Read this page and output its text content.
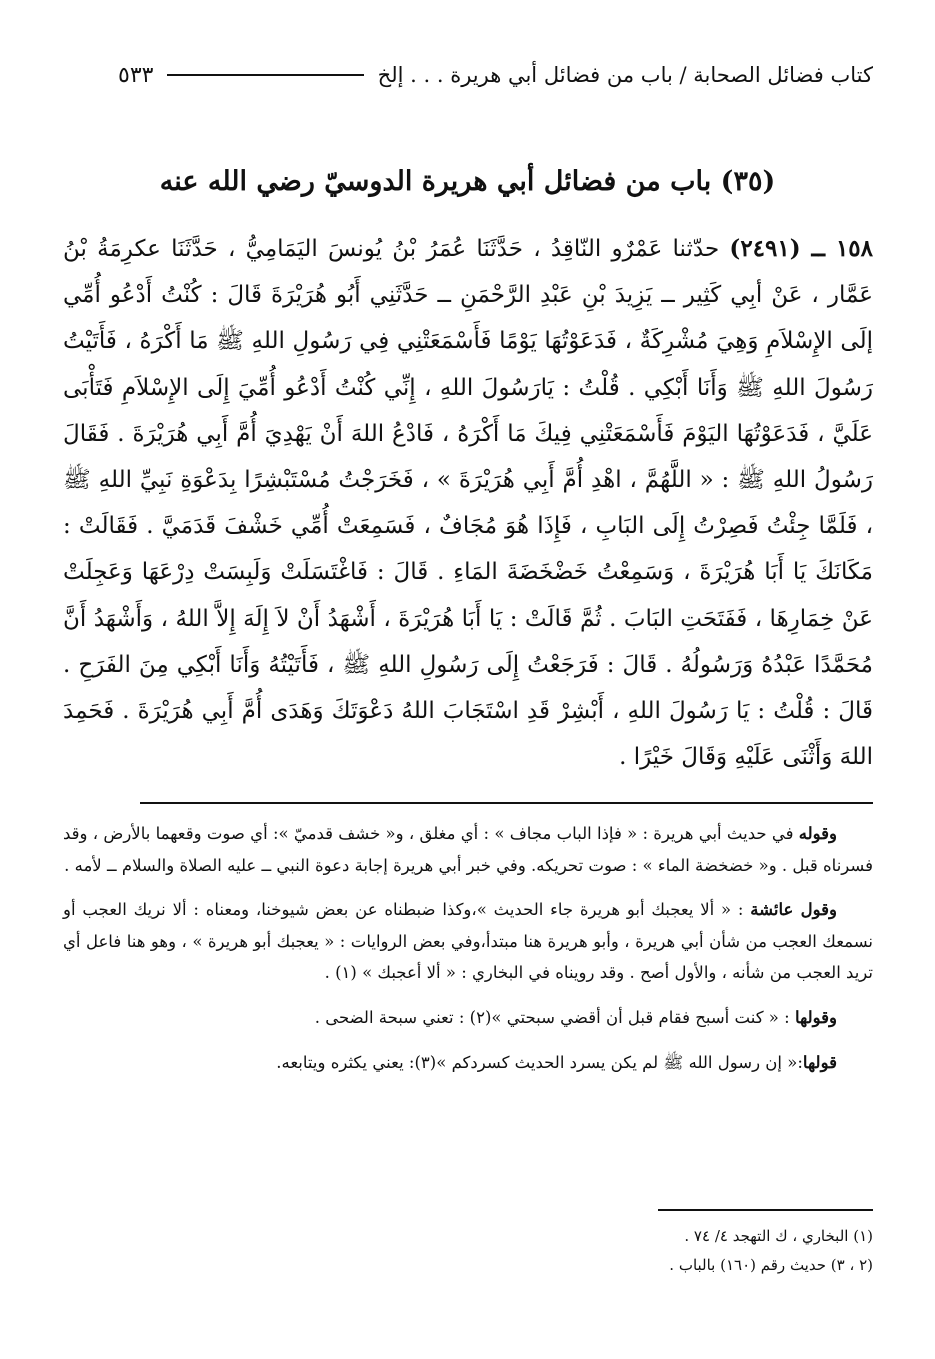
كتاب فضائل الصحابة / باب من فضائل أبي هريرة . . . إلخ
٥٣٣
(٣٥) باب من فضائل أبي هريرة الدوسيّ رضي الله عنه

١٥٨ ــ (٢٤٩١) حدّثنا عَمْرٌو النّاقِدُ ، حَدَّثَنَا عُمَرُ بْنُ يُونسَ اليَمَامِيُّ ، حَدَّثَنَا عكرِمَةُ بْنُ عَمَّار ، عَنْ أبِي كَثِير ــ يَزِيدَ بْنِ عَبْدِ الرَّحْمَنِ ــ حَدَّثَنِي أَبُو هُرَيْرَةَ قَالَ : كُنْتُ أَدْعُو أُمِّي إلَى الإِسْلاَمِ وَهِيَ مُشْرِكَةٌ ، فَدَعَوْتُهَا يَوْمًا فَأَسْمَعَتْنِي فِي رَسُولِ اللهِ ﷺ مَا أَكْرَهُ ، فَأَتَيْتُ رَسُولَ اللهِ ﷺ وَأَنَا أَبْكِي . قُلْتُ : يَارَسُولَ اللهِ ، إِنِّي كُنْتُ أَدْعُو أُمِّيَ إِلَى الإِسْلاَمِ فَتَأْبَى عَلَيَّ ، فَدَعَوْتُهَا اليَوْمَ فَأَسْمَعَتْنِي فِيكَ مَا أَكْرَهُ ، فَادْعُ اللهَ أَنْ يَهْدِيَ أُمَّ أَبِي هُرَيْرَةَ . فَقَالَ رَسُولُ اللهِ ﷺ : « اللَّهُمَّ ، اهْدِ أُمَّ أَبِي هُرَيْرَةَ » ، فَخَرَجْتُ مُسْتَبْشِرًا بِدَعْوَةِ نَبِيِّ اللهِ ﷺ ، فَلَمَّا جِئْتُ فَصِرْتُ إِلَى البَابِ ، فَإِذَا هُوَ مُجَافٌ ، فَسَمِعَتْ أُمِّي خَشْفَ قَدَمَيَّ . فَقَالَتْ : مَكَانَكَ يَا أَبَا هُرَيْرَةَ ، وَسَمِعْتُ خَضْخَضَةَ المَاءِ . قَالَ : فَاغْتَسَلَتْ وَلَبِسَتْ دِرْعَهَا وَعَجِلَتْ عَنْ خِمَارِهَا ، فَفَتَحَتِ البَابَ . ثُمَّ قَالَتْ : يَا أَبَا هُرَيْرَةَ ، أَشْهَدُ أَنْ لاَ إِلَهَ إِلاَّ اللهُ ، وَأَشْهَدُ أَنَّ مُحَمَّدًا عَبْدُهُ وَرَسُولُهُ . قَالَ : فَرَجَعْتُ إِلَى رَسُولِ اللهِ ﷺ ، فَأَتَيْتُهُ وَأَنَا أَبْكِي مِنَ الفَرَحِ . قَالَ : قُلْتُ : يَا رَسُولَ اللهِ ، أَبْشِرْ قَدِ اسْتَجَابَ اللهُ دَعْوَتَكَ وَهَدَى أُمَّ أَبِي هُرَيْرَةَ . فَحَمِدَ اللهَ وَأَثْنَى عَلَيْهِ وَقَالَ خَيْرًا .

وقوله في حديث أبي هريرة : « فإذا الباب مجاف » : أي مغلق ، و« خشف قدميّ »: أي صوت وقعهما بالأرض ، وقد فسرناه قبل . و« خضخضة الماء » : صوت تحريكه. وفي خبر أبي هريرة إجابة دعوة النبي ــ عليه الصلاة والسلام ــ لأمه .

وقول عائشة : « ألا يعجبك أبو هريرة جاء الحديث »،وكذا ضبطناه عن بعض شيوخنا، ومعناه : ألا نريك العجب أو نسمعك العجب من شأن أبي هريرة ، وأبو هريرة هنا مبتدأ،وفي بعض الروايات : « يعجبك أبو هريرة » ، وهو هنا فاعل أي تريد العجب من شأنه ، والأول أصح . وقد رويناه في البخاري : « ألا أعجبك » (١) .

وقولها : « كنت أسبح فقام قبل أن أقضي سبحتي »(٢) : تعني سبحة الضحى .

قولها:« إن رسول الله ﷺ لم يكن يسرد الحديث كسردكم »(٣): يعني يكثره ويتابعه.

(١) البخاري ، ك التهجد ٤/ ٧٤ .
(٢ ، ٣) حديث رقم (١٦٠) بالباب .
